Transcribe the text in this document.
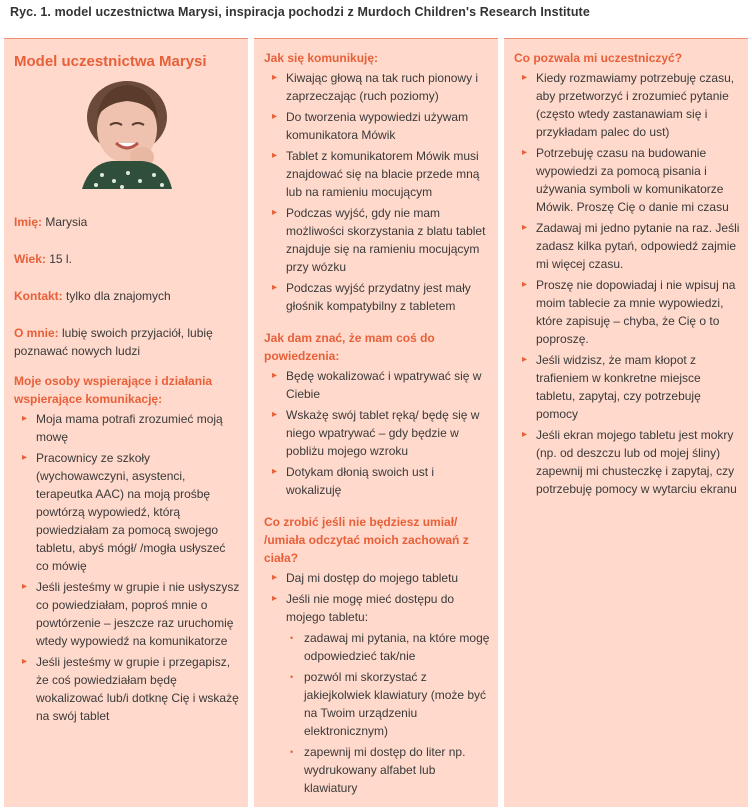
Ryc. 1. model uczestnictwa Marysi, inspiracja pochodzi z Murdoch Children's Research Institute
Model uczestnictwa Marysi
Imię: Marysia
Wiek: 15 l.
Kontakt: tylko dla znajomych
O mnie: lubię swoich przyjaciół, lubię poznawać nowych ludzi
Moje osoby wspierające i działania wspierające komunikację:
▸ Moja mama potrafi zrozumieć moją mowę
▸ Pracownicy ze szkoły (wychowawczyni, asystenci, terapeutka AAC) na moją prośbę powtórzą wypowiedź, którą powiedziałam za pomocą swojego tabletu, abyś mógł/ /mogła usłyszeć co mówię
▸ Jeśli jesteśmy w grupie i nie usłyszysz co powiedziałam, poproś mnie o powtórzenie – jeszcze raz uruchomię wtedy wypowiedź na komunikatorze
▸ Jeśli jesteśmy w grupie i przegapisz, że coś powiedziałam będę wokalizować lub/i dotknę Cię i wskażę na swój tablet
Jak się komunikuję:
▸ Kiwając głową na tak ruch pionowy i zaprzeczając (ruch poziomy)
▸ Do tworzenia wypowiedzi używam komunikatora Mówik
▸ Tablet z komunikatorem Mówik musi znajdować się na blacie przede mną lub na ramieniu mocującym
▸ Podczas wyjść, gdy nie mam możliwości skorzystania z blatu tablet znajduje się na ramieniu mocującym przy wózku
▸ Podczas wyjść przydatny jest mały głośnik kompatybilny z tabletem
Jak dam znać, że mam coś do powiedzenia:
▸ Będę wokalizować i wpatrywać się w Ciebie
▸ Wskażę swój tablet ręką/ będę się w niego wpatrywać – gdy będzie w pobliżu mojego wzroku
▸ Dotykam dłonią swoich ust i wokalizuję
Co zrobić jeśli nie będziesz umiał/ /umiała odczytać moich zachowań z ciała?
▸ Daj mi dostęp do mojego tabletu
▸ Jeśli nie mogę mieć dostępu do mojego tabletu:
• zadawaj mi pytania, na które mogę odpowiedzieć tak/nie
• pozwól mi skorzystać z jakiejkolwiek klawiatury (może być na Twoim urządzeniu elektronicznym)
• zapewnij mi dostęp do liter np. wydrukowany alfabet lub klawiatury
Co pozwala mi uczestniczyć?
▸ Kiedy rozmawiamy potrzebuję czasu, aby przetworzyć i zrozumieć pytanie (często wtedy zastanawiam się i przykładam palec do ust)
▸ Potrzebuję czasu na budowanie wypowiedzi za pomocą pisania i używania symboli w komunikatorze Mówik. Proszę Cię o danie mi czasu
▸ Zadawaj mi jedno pytanie na raz. Jeśli zadasz kilka pytań, odpowiedź zajmie mi więcej czasu.
▸ Proszę nie dopowiadaj i nie wpisuj na moim tablecie za mnie wypowiedzi, które zapisuję – chyba, że Cię o to poproszę.
▸ Jeśli widzisz, że mam kłopot z trafieniem w konkretne miejsce tabletu, zapytaj, czy potrzebuję pomocy
▸ Jeśli ekran mojego tabletu jest mokry (np. od deszczu lub od mojej śliny) zapewnij mi chusteczkę i zapytaj, czy potrzebuję pomocy w wytarciu ekranu
